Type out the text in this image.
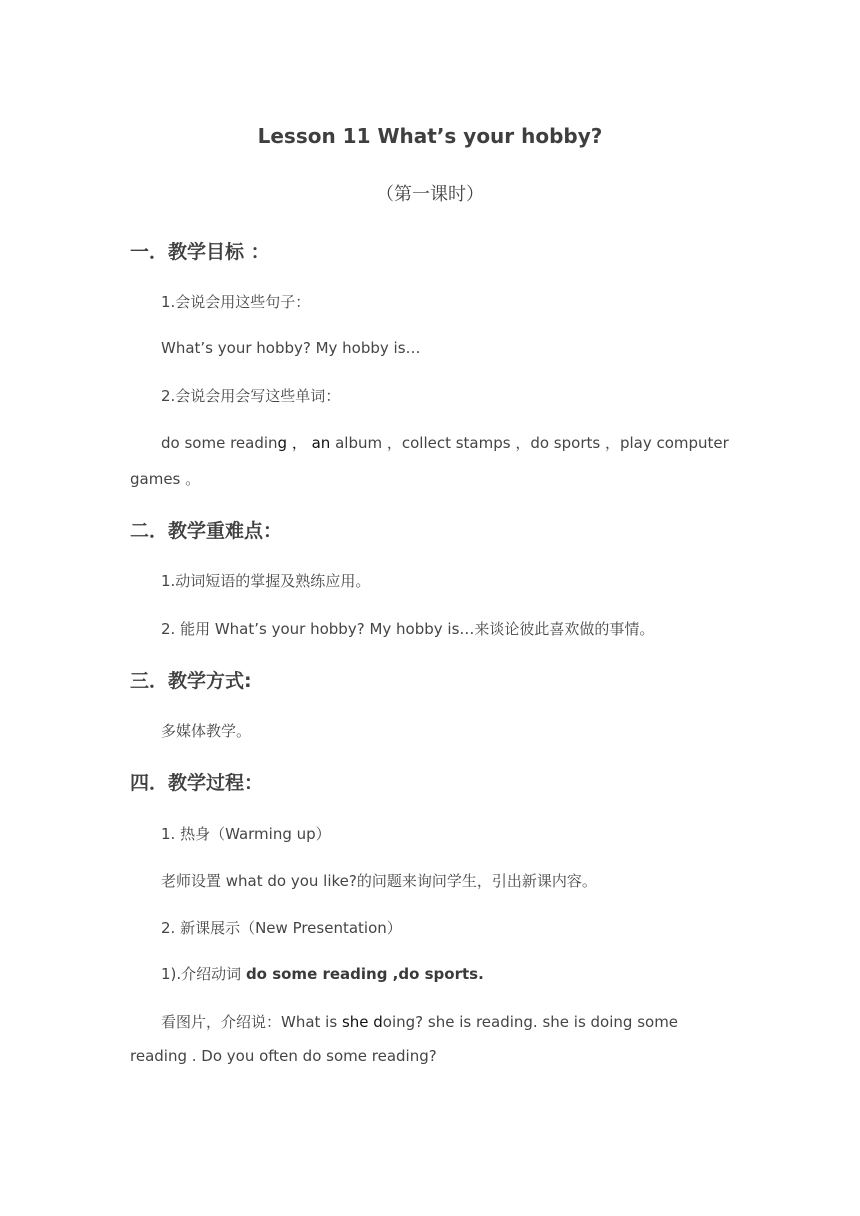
Lesson 11 What’s your hobby?
（第一课时）
一．教学目标 ：
1.会说会用这些句子：
What’s your hobby? My hobby is…
2.会说会用会写这些单词：
do some reading ， an album ，collect stamps ，do sports ，play computer
games 。
二．教学重难点：
1.动词短语的掌握及熟练应用。
2. 能用 What’s your hobby? My hobby is…来谈论彼此喜欢做的事情。
三．教学方式:
多媒体教学。
四．教学过程：
1. 热身（Warming up）
老师设置 what do you like?的问题来询问学生，引出新课内容。
2. 新课展示（New Presentation）
1).介绍动词 do some reading ,do sports.
看图片，介绍说：What is she doing? she is reading. she is doing some
reading . Do you often do some reading?
